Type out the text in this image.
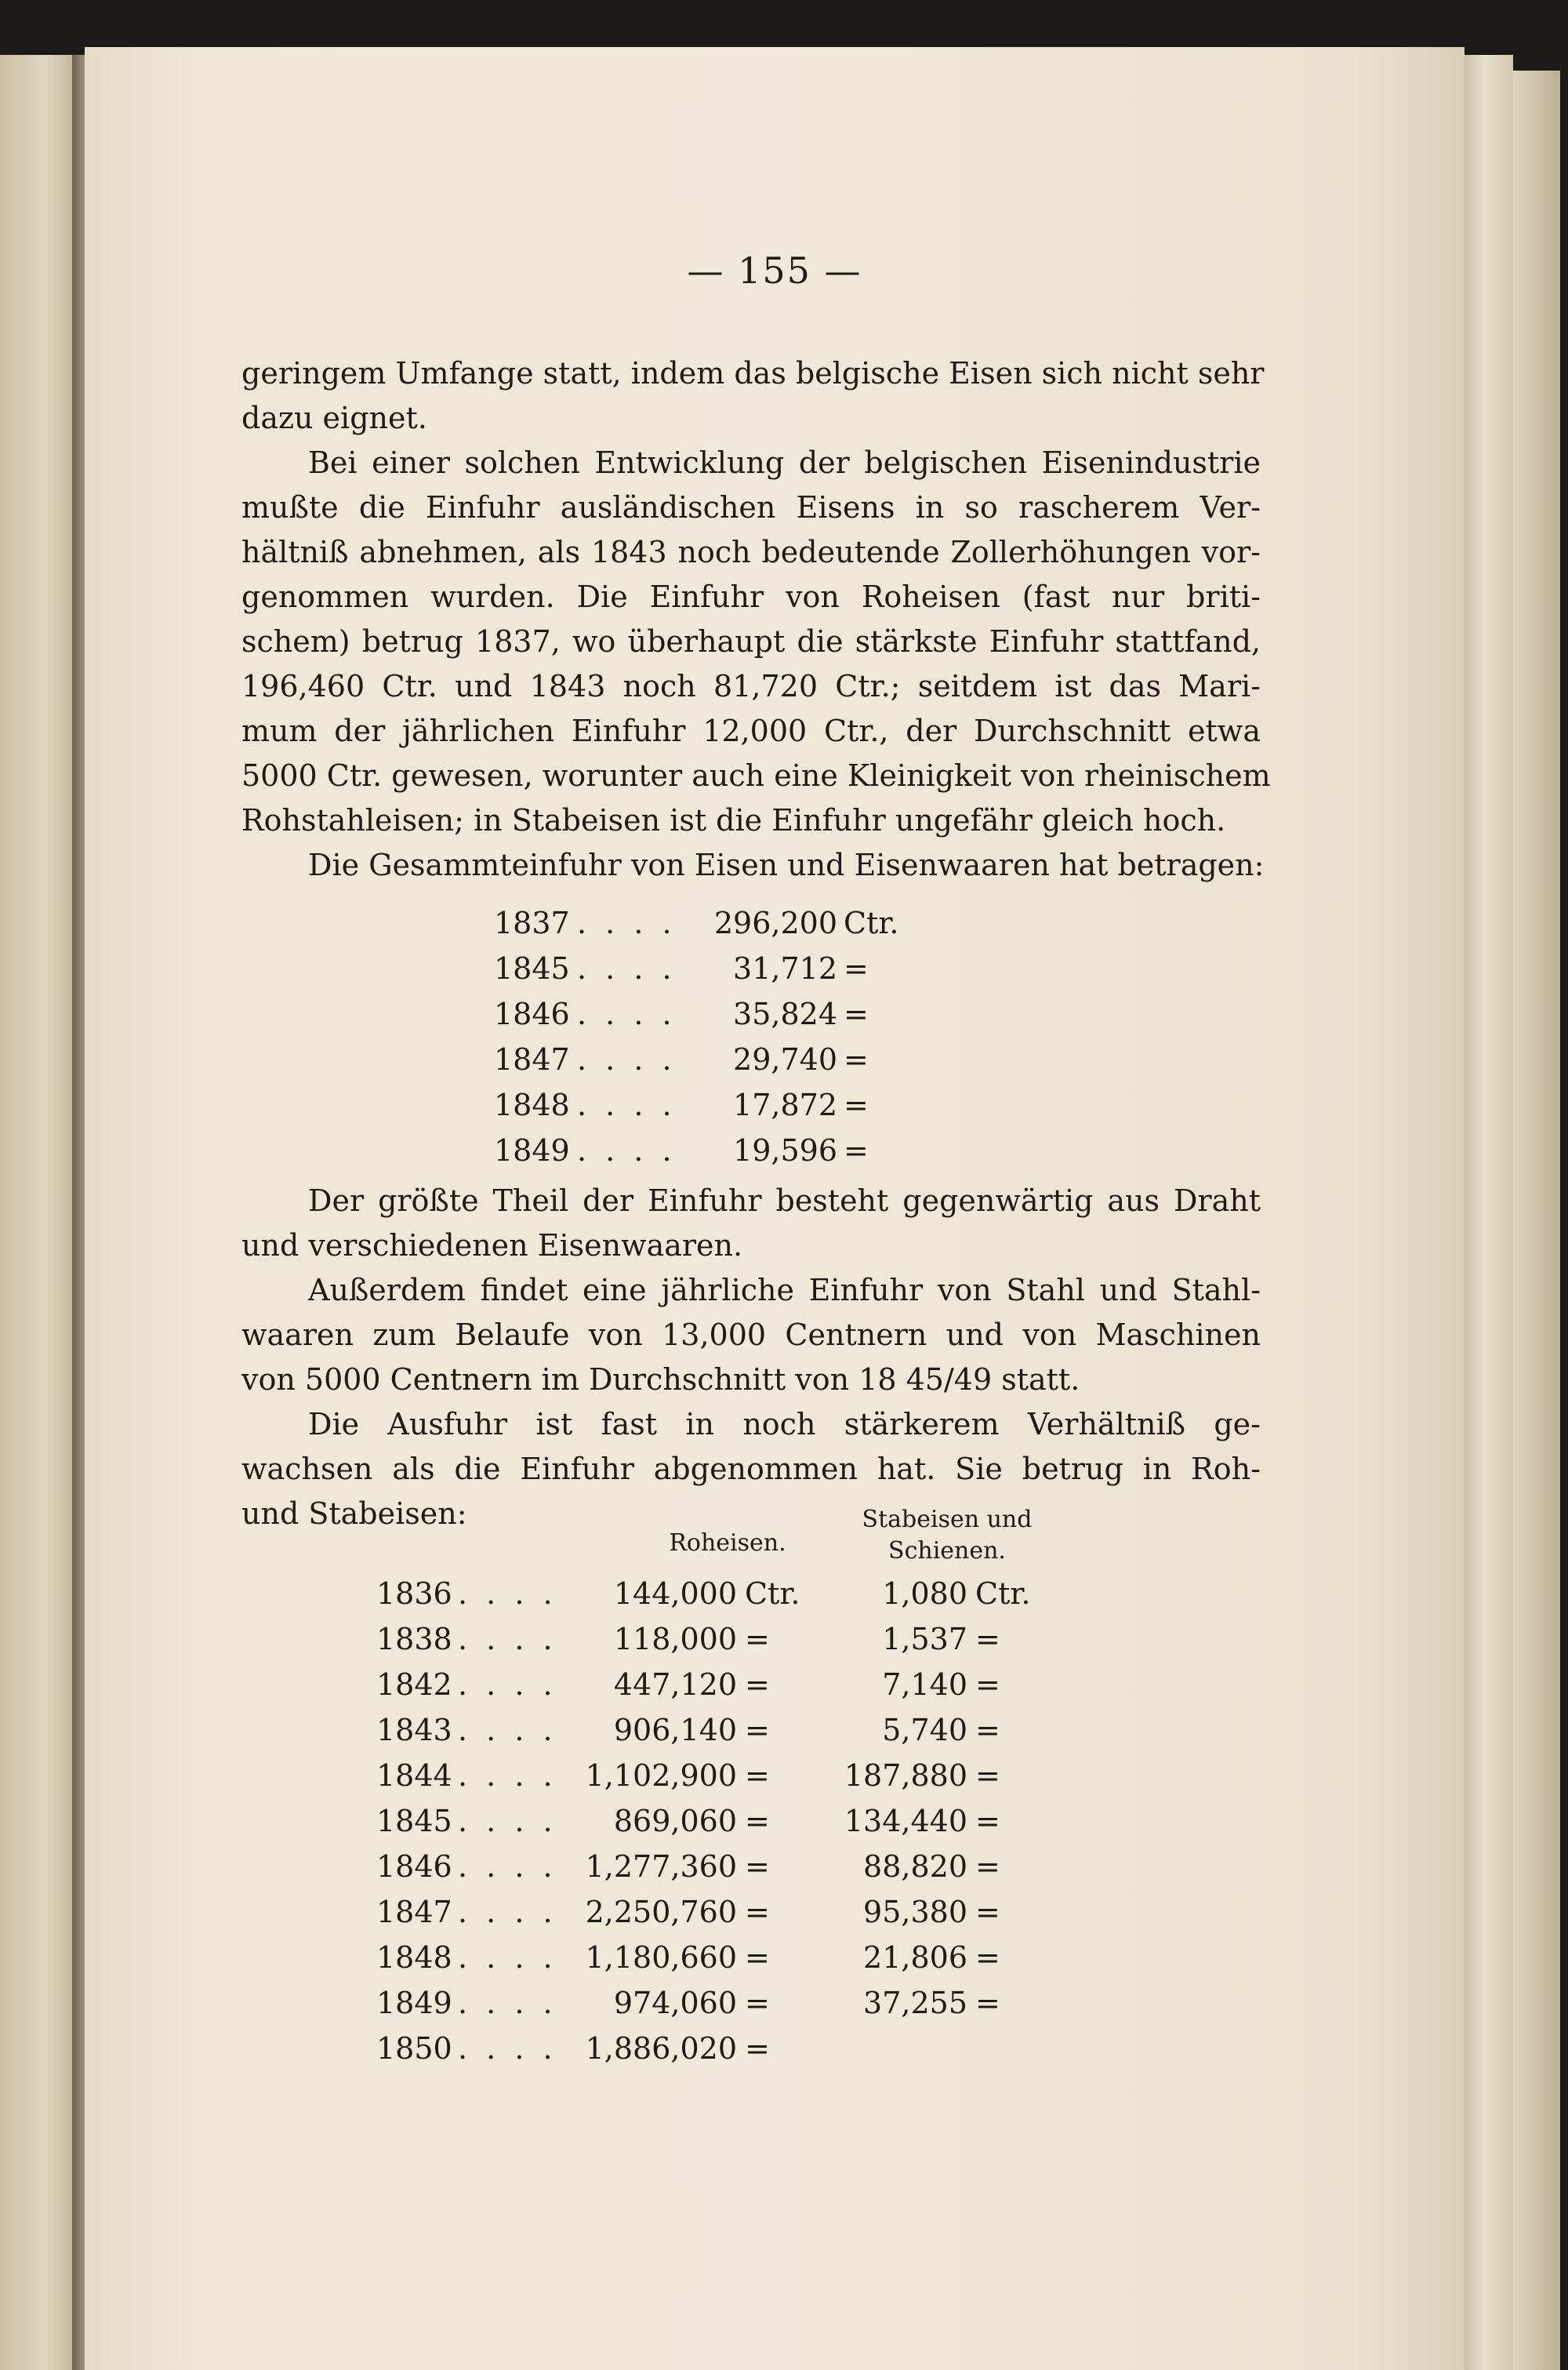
— 155 —
geringem Umfange statt, indem das belgische Eisen sich nicht sehr
dazu eignet.
Bei einer solchen Entwicklung der belgischen Eisenindustrie
mußte die Einfuhr ausländischen Eisens in so rascherem Ver-
hältniß abnehmen, als 1843 noch bedeutende Zollerhöhungen vor-
genommen wurden. Die Einfuhr von Roheisen (fast nur briti-
schem) betrug 1837, wo überhaupt die stärkste Einfuhr stattfand,
196,460 Ctr. und 1843 noch 81,720 Ctr.; seitdem ist das Mari-
mum der jährlichen Einfuhr 12,000 Ctr., der Durchschnitt etwa
5000 Ctr. gewesen, worunter auch eine Kleinigkeit von rheinischem
Rohstahleisen; in Stabeisen ist die Einfuhr ungefähr gleich hoch.
Die Gesammteinfuhr von Eisen und Eisenwaaren hat betragen:
1837 . . . .	296,200 Ctr.
1845 . . . .	31,712 =
1846 . . . .	35,824 =
1847 . . . .	29,740 =
1848 . . . .	17,872 =
1849 . . . .	19,596 =
Der größte Theil der Einfuhr besteht gegenwärtig aus Draht
und verschiedenen Eisenwaaren.
Außerdem findet eine jährliche Einfuhr von Stahl und Stahl-
waaren zum Belaufe von 13,000 Centnern und von Maschinen
von 5000 Centnern im Durchschnitt von 18 45/49 statt.
Die Ausfuhr ist fast in noch stärkerem Verhältniß ge-
wachsen als die Einfuhr abgenommen hat. Sie betrug in Roh-
und Stabeisen:
Roheisen.
Stabeisen und
Schienen.
1836 . . . .	144,000 Ctr.	1,080 Ctr.
1838 . . . .	118,000 =	1,537 =
1842 . . . .	447,120 =	7,140 =
1843 . . . .	906,140 =	5,740 =
1844 . . . . 1,102,900 =	187,880 =
1845 . . . .	869,060 =	134,440 =
1846 . . . . 1,277,360 =	88,820 =
1847 . . . . 2,250,760 =	95,380 =
1848 . . . . 1,180,660 =	21,806 =
1849 . . . .	974,060 =	37,255 =
1850 . . . . 1,886,020 =
